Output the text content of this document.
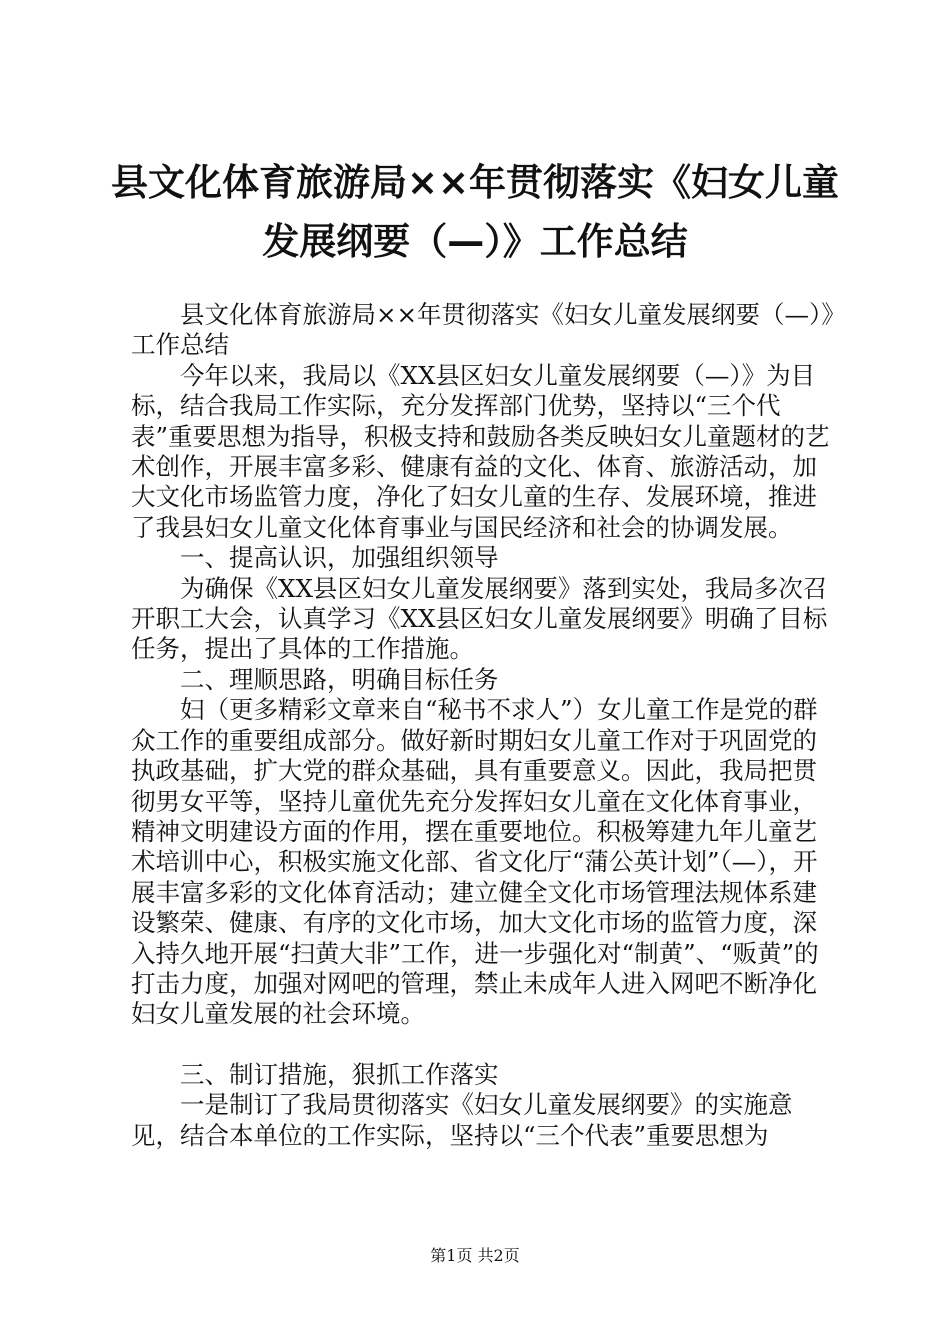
县文化体育旅游局××年贯彻落实《妇女儿童
发展纲要（—）》工作总结

县文化体育旅游局××年贯彻落实《妇女儿童发展纲要（—）》工作总结

今年以来，我局以《XX县区妇女儿童发展纲要（—）》为目标，结合我局工作实际，充分发挥部门优势，坚持以“三个代表”重要思想为指导，积极支持和鼓励各类反映妇女儿童题材的艺术创作，开展丰富多彩、健康有益的文化、体育、旅游活动，加大文化市场监管力度，净化了妇女儿童的生存、发展环境，推进了我县妇女儿童文化体育事业与国民经济和社会的协调发展。

一、提高认识，加强组织领导

为确保《XX县区妇女儿童发展纲要》落到实处，我局多次召开职工大会，认真学习《XX县区妇女儿童发展纲要》明确了目标任务，提出了具体的工作措施。

二、理顺思路，明确目标任务

妇（更多精彩文章来自“秘书不求人”）女儿童工作是党的群众工作的重要组成部分。做好新时期妇女儿童工作对于巩固党的执政基础，扩大党的群众基础，具有重要意义。因此，我局把贯彻男女平等，坚持儿童优先充分发挥妇女儿童在文化体育事业，精神文明建设方面的作用，摆在重要地位。积极筹建九年儿童艺术培训中心，积极实施文化部、省文化厅“蒲公英计划”（—），开展丰富多彩的文化体育活动；建立健全文化市场管理法规体系建设繁荣、健康、有序的文化市场，加大文化市场的监管力度，深入持久地开展“扫黄大非”工作，进一步强化对“制黄”、“贩黄”的打击力度，加强对网吧的管理，禁止未成年人进入网吧不断净化妇女儿童发展的社会环境。

三、制订措施，狠抓工作落实

一是制订了我局贯彻落实《妇女儿童发展纲要》的实施意见，结合本单位的工作实际，坚持以“三个代表”重要思想为

第1页 共2页
